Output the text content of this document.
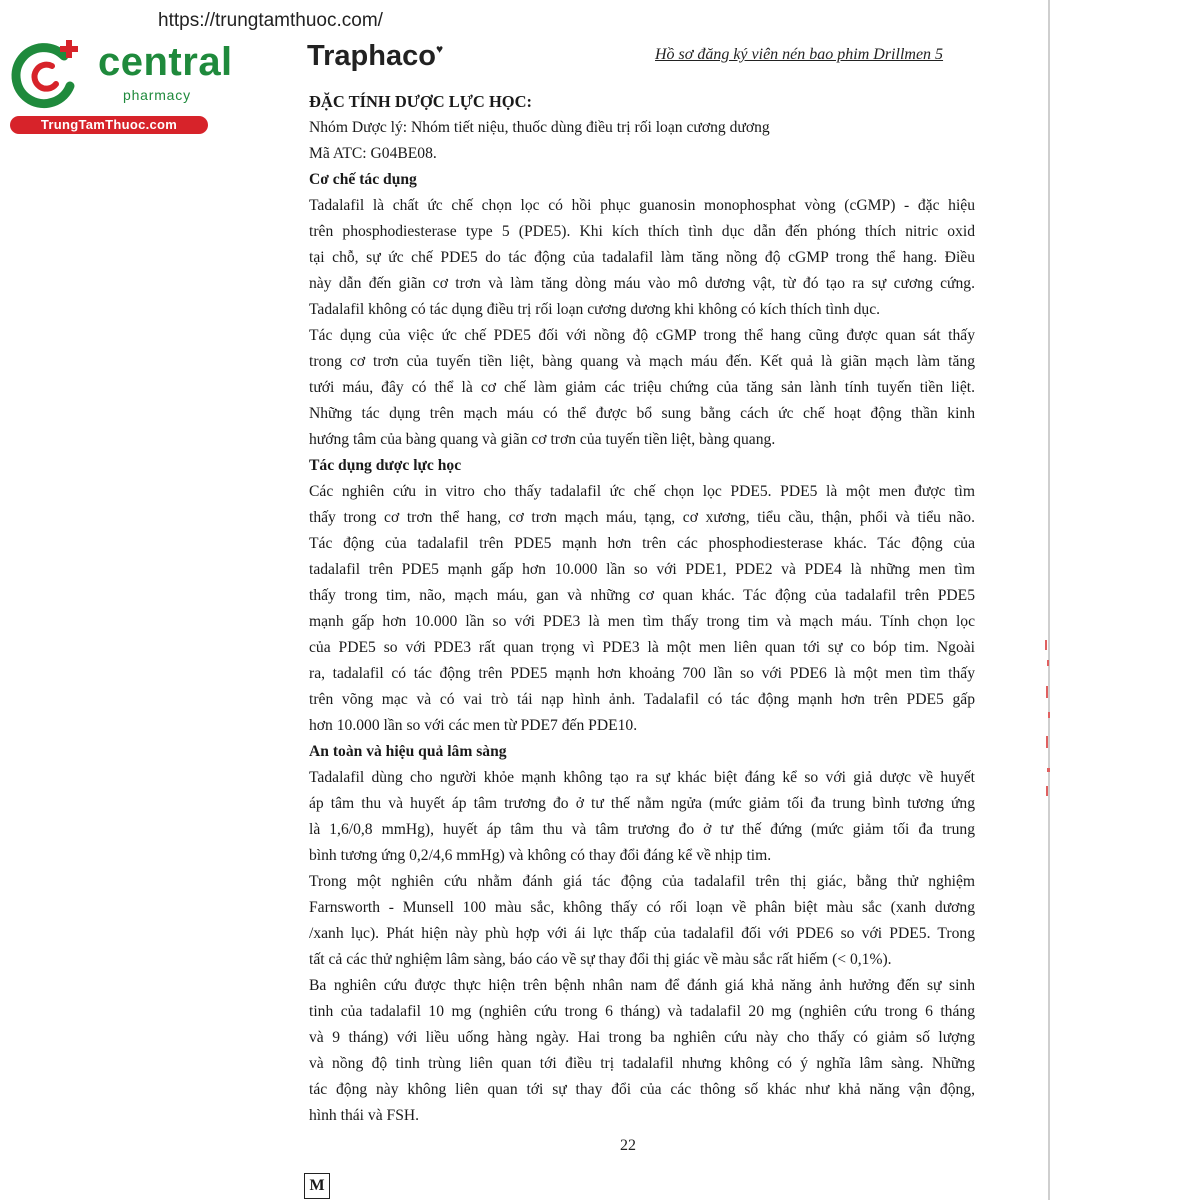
https://trungtamthuoc.com/
central
pharmacy
TrungTamThuoc.com
Traphaco♥	Hồ sơ đăng ký viên nén bao phim Drillmen 5
ĐẶC TÍNH DƯỢC LỰC HỌC:
Nhóm Dược lý: Nhóm tiết niệu, thuốc dùng điều trị rối loạn cương dương
Mã ATC: G04BE08.
Cơ chế tác dụng
Tadalafil là chất ức chế chọn lọc có hồi phục guanosin monophosphat vòng (cGMP) - đặc hiệu
trên phosphodiesterase type 5 (PDE5). Khi kích thích tình dục dẫn đến phóng thích nitric oxid
tại chỗ, sự ức chế PDE5 do tác động của tadalafil làm tăng nồng độ cGMP trong thể hang. Điều
này dẫn đến giãn cơ trơn và làm tăng dòng máu vào mô dương vật, từ đó tạo ra sự cương cứng.
Tadalafil không có tác dụng điều trị rối loạn cương dương khi không có kích thích tình dục.
Tác dụng của việc ức chế PDE5 đối với nồng độ cGMP trong thể hang cũng được quan sát thấy
trong cơ trơn của tuyến tiền liệt, bàng quang và mạch máu đến. Kết quả là giãn mạch làm tăng
tưới máu, đây có thể là cơ chế làm giảm các triệu chứng của tăng sản lành tính tuyến tiền liệt.
Những tác dụng trên mạch máu có thể được bổ sung bằng cách ức chế hoạt động thần kinh
hướng tâm của bàng quang và giãn cơ trơn của tuyến tiền liệt, bàng quang.
Tác dụng dược lực học
Các nghiên cứu in vitro cho thấy tadalafil ức chế chọn lọc PDE5. PDE5 là một men được tìm
thấy trong cơ trơn thể hang, cơ trơn mạch máu, tạng, cơ xương, tiểu cầu, thận, phổi và tiểu não.
Tác động của tadalafil trên PDE5 mạnh hơn trên các phosphodiesterase khác. Tác động của
tadalafil trên PDE5 mạnh gấp hơn 10.000 lần so với PDE1, PDE2 và PDE4 là những men tìm
thấy trong tim, não, mạch máu, gan và những cơ quan khác. Tác động của tadalafil trên PDE5
mạnh gấp hơn 10.000 lần so với PDE3 là men tìm thấy trong tim và mạch máu. Tính chọn lọc
của PDE5 so với PDE3 rất quan trọng vì PDE3 là một men liên quan tới sự co bóp tim. Ngoài
ra, tadalafil có tác động trên PDE5 mạnh hơn khoảng 700 lần so với PDE6 là một men tìm thấy
trên võng mạc và có vai trò tái nạp hình ảnh. Tadalafil có tác động mạnh hơn trên PDE5 gấp
hơn 10.000 lần so với các men từ PDE7 đến PDE10.
An toàn và hiệu quả lâm sàng
Tadalafil dùng cho người khỏe mạnh không tạo ra sự khác biệt đáng kể so với giả dược về huyết
áp tâm thu và huyết áp tâm trương đo ở tư thế nằm ngửa (mức giảm tối đa trung bình tương ứng
là 1,6/0,8 mmHg), huyết áp tâm thu và tâm trương đo ở tư thế đứng (mức giảm tối đa trung
bình tương ứng 0,2/4,6 mmHg) và không có thay đổi đáng kể về nhịp tim.
Trong một nghiên cứu nhằm đánh giá tác động của tadalafil trên thị giác, bằng thử nghiệm
Farnsworth - Munsell 100 màu sắc, không thấy có rối loạn về phân biệt màu sắc (xanh dương
/xanh lục). Phát hiện này phù hợp với ái lực thấp của tadalafil đối với PDE6 so với PDE5. Trong
tất cả các thử nghiệm lâm sàng, báo cáo về sự thay đổi thị giác về màu sắc rất hiếm (< 0,1%).
Ba nghiên cứu được thực hiện trên bệnh nhân nam để đánh giá khả năng ảnh hưởng đến sự sinh
tinh của tadalafil 10 mg (nghiên cứu trong 6 tháng) và tadalafil 20 mg (nghiên cứu trong 6 tháng
và 9 tháng) với liều uống hàng ngày. Hai trong ba nghiên cứu này cho thấy có giảm số lượng
và nồng độ tinh trùng liên quan tới điều trị tadalafil nhưng không có ý nghĩa lâm sàng. Những
tác động này không liên quan tới sự thay đổi của các thông số khác như khả năng vận động,
hình thái và FSH.
22
M
